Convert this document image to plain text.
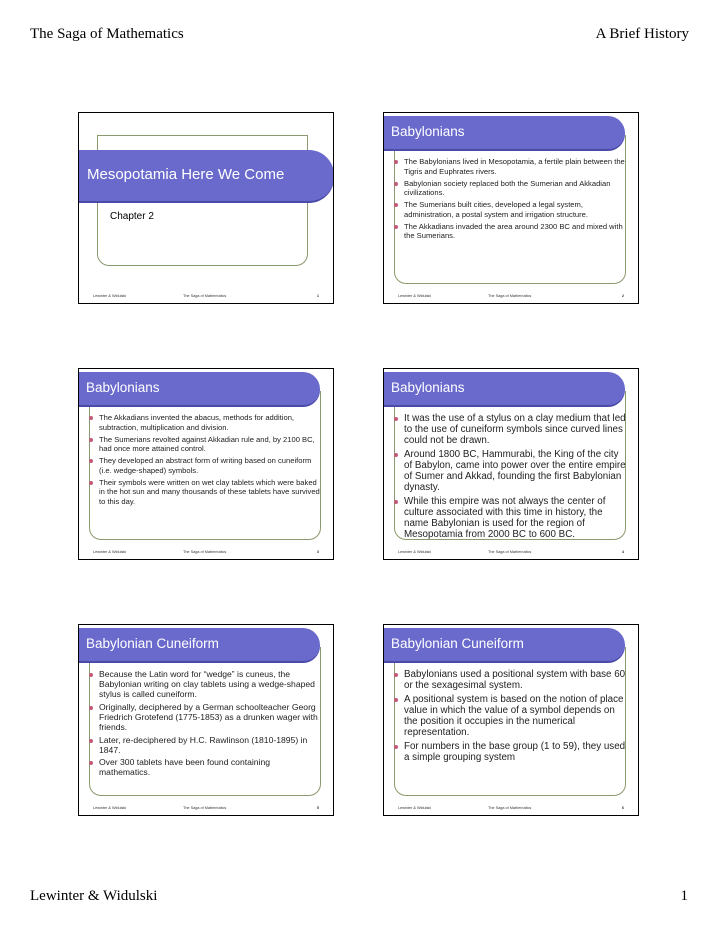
The Saga of Mathematics	A Brief History
Mesopotamia Here We Come
Chapter 2
Lewinter & Widulski	The Saga of Mathematics	1
Babylonians
The Babylonians lived in Mesopotamia, a fertile plain between the Tigris and Euphrates rivers.
Babylonian society replaced both the Sumerian and Akkadian civilizations.
The Sumerians built cities, developed a legal system, administration, a postal system and irrigation structure.
The Akkadians invaded the area around 2300 BC and mixed with the Sumerians.
Lewinter & Widulski	The Saga of Mathematics	2
Babylonians
The Akkadians invented the abacus, methods for addition, subtraction, multiplication and division.
The Sumerians revolted against Akkadian rule and, by 2100 BC, had once more attained control.
They developed an abstract form of writing based on cuneiform (i.e. wedge-shaped) symbols.
Their symbols were written on wet clay tablets which were baked in the hot sun and many thousands of these tablets have survived to this day.
Lewinter & Widulski	The Saga of Mathematics	3
Babylonians
It was the use of a stylus on a clay medium that led to the use of cuneiform symbols since curved lines could not be drawn.
Around 1800 BC, Hammurabi, the King of the city of Babylon, came into power over the entire empire of Sumer and Akkad, founding the first Babylonian dynasty.
While this empire was not always the center of culture associated with this time in history, the name Babylonian is used for the region of Mesopotamia from 2000 BC to 600 BC.
Lewinter & Widulski	The Saga of Mathematics	4
Babylonian Cuneiform
Because the Latin word for “wedge” is cuneus, the Babylonian writing on clay tablets using a wedge-shaped stylus is called cuneiform.
Originally, deciphered by a German schoolteacher Georg Friedrich Grotefend (1775-1853) as a drunken wager with friends.
Later, re-deciphered by H.C. Rawlinson (1810-1895) in 1847.
Over 300 tablets have been found containing mathematics.
Lewinter & Widulski	The Saga of Mathematics	5
Babylonian Cuneiform
Babylonians used a positional system with base 60 or the sexagesimal system.
A positional system is based on the notion of place value in which the value of a symbol depends on the position it occupies in the numerical representation.
For numbers in the base group (1 to 59), they used a simple grouping system
Lewinter & Widulski	The Saga of Mathematics	6
Lewinter & Widulski	1
